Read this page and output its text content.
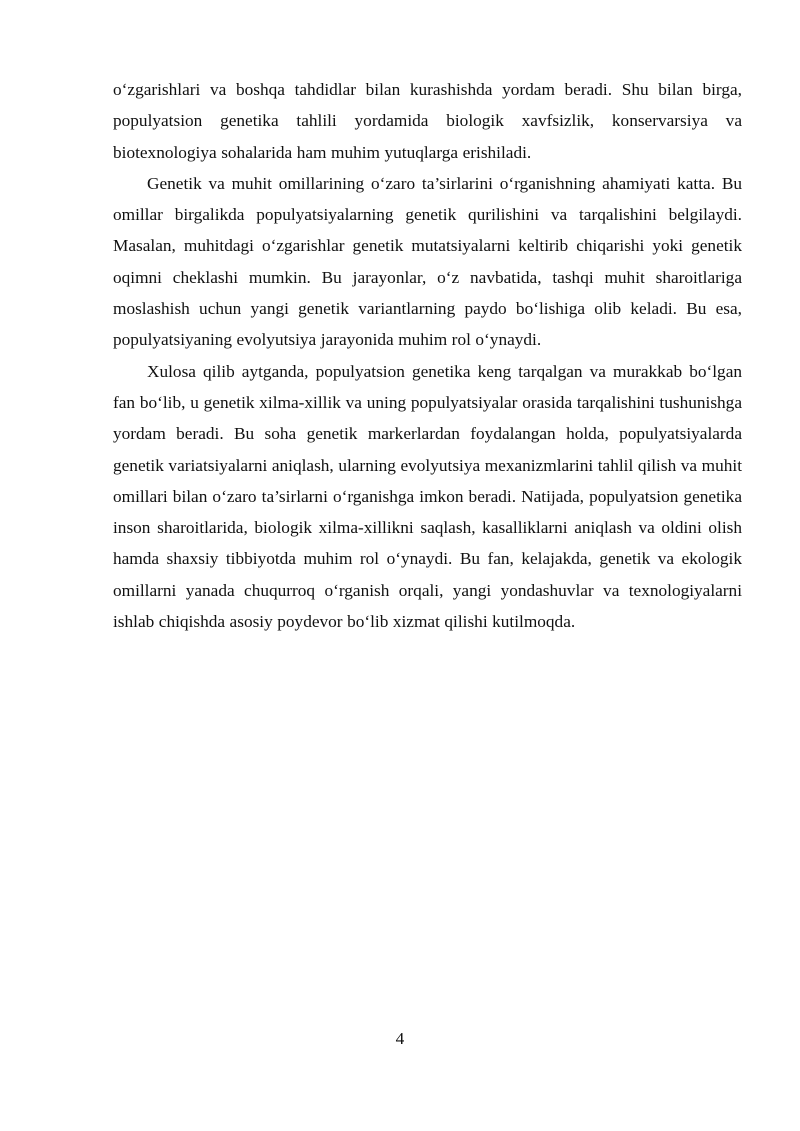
o‘zgarishlari va boshqa tahdidlar bilan kurashishda yordam beradi. Shu bilan birga, populyatsion genetika tahlili yordamida biologik xavfsizlik, konservarsiya va biotexnologiya sohalarida ham muhim yutuqlarga erishiladi.

Genetik va muhit omillarining o‘zaro ta’sirlarini o‘rganishning ahamiyati katta. Bu omillar birgalikda populyatsiyalarning genetik qurilishini va tarqalishini belgilaydi. Masalan, muhitdagi o‘zgarishlar genetik mutatsiyalarni keltirib chiqarishi yoki genetik oqimni cheklashi mumkin. Bu jarayonlar, o‘z navbatida, tashqi muhit sharoitlariga moslashish uchun yangi genetik variantlarning paydo bo‘lishiga olib keladi. Bu esa, populyatsiyaning evolyutsiya jarayonida muhim rol o‘ynaydi.

Xulosa qilib aytganda, populyatsion genetika keng tarqalgan va murakkab bo‘lgan fan bo‘lib, u genetik xilma-xillik va uning populyatsiyalar orasida tarqalishini tushunishga yordam beradi. Bu soha genetik markerlardan foydalangan holda, populyatsiyalarda genetik variatsiyalarni aniqlash, ularning evolyutsiya mexanizmlarini tahlil qilish va muhit omillari bilan o‘zaro ta’sirlarni o‘rganishga imkon beradi. Natijada, populyatsion genetika inson sharoitlarida, biologik xilma-xillikni saqlash, kasalliklarni aniqlash va oldini olish hamda shaxsiy tibbiyotda muhim rol o‘ynaydi. Bu fan, kelajakda, genetik va ekologik omillarni yanada chuqurroq o‘rganish orqali, yangi yondashuvlar va texnologiyalarni ishlab chiqishda asosiy poydevor bo‘lib xizmat qilishi kutilmoqda.

4
